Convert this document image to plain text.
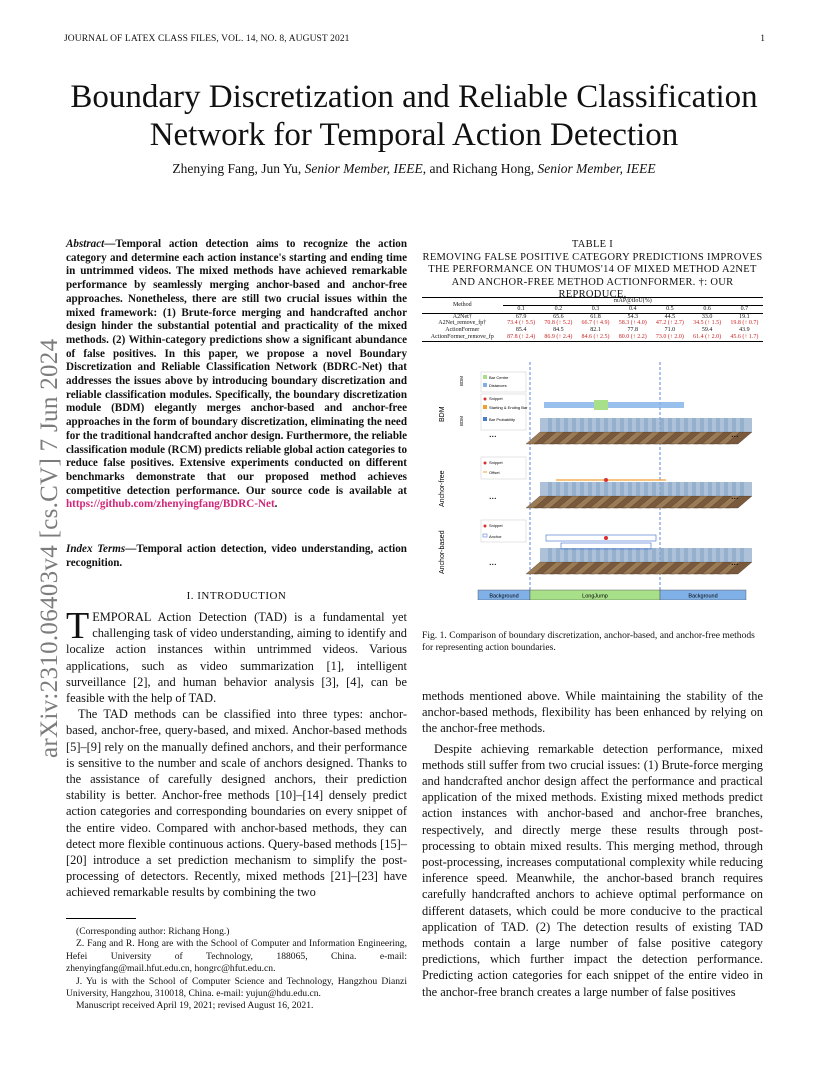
JOURNAL OF LATEX CLASS FILES, VOL. 14, NO. 8, AUGUST 2021	1
arXiv:2310.06403v4 [cs.CV] 7 Jun 2024
Boundary Discretization and Reliable Classification Network for Temporal Action Detection
Zhenying Fang, Jun Yu, Senior Member, IEEE, and Richang Hong, Senior Member, IEEE
Abstract—Temporal action detection aims to recognize the action category and determine each action instance's starting and ending time in untrimmed videos. The mixed methods have achieved remarkable performance by seamlessly merging anchor-based and anchor-free approaches. Nonetheless, there are still two crucial issues within the mixed framework: (1) Brute-force merging and handcrafted anchor design hinder the substantial potential and practicality of the mixed methods. (2) Within-category predictions show a significant abundance of false positives. In this paper, we propose a novel Boundary Discretization and Reliable Classification Network (BDRC-Net) that addresses the issues above by introducing boundary discretization and reliable classification modules. Specifically, the boundary discretization module (BDM) elegantly merges anchor-based and anchor-free approaches in the form of boundary discretization, eliminating the need for the traditional handcrafted anchor design. Furthermore, the reliable classification module (RCM) predicts reliable global action categories to reduce false positives. Extensive experiments conducted on different benchmarks demonstrate that our proposed method achieves competitive detection performance. Our source code is available at https://github.com/zhenyingfang/BDRC-Net.
Index Terms—Temporal action detection, video understanding, action recognition.
I. INTRODUCTION

TEMPORAL Action Detection (TAD) is a fundamental yet challenging task of video understanding, aiming to identify and localize action instances within untrimmed videos. Various applications, such as video summarization [1], intelligent surveillance [2], and human behavior analysis [3], [4], can be feasible with the help of TAD.

The TAD methods can be classified into three types: anchor-based, anchor-free, query-based, and mixed. Anchor-based methods [5]–[9] rely on the manually defined anchors, and their performance is sensitive to the number and scale of anchors designed. Thanks to the assistance of carefully designed anchors, their prediction stability is better. Anchor-free methods [10]–[14] densely predict action categories and corresponding boundaries on every snippet of the entire video. Compared with anchor-based methods, they can detect more flexible continuous actions. Query-based methods [15]–[20] introduce a set prediction mechanism to simplify the post-processing of detectors. Recently, mixed methods [21]–[23] have achieved remarkable results by combining the two

(Corresponding author: Richang Hong.)

Z. Fang and R. Hong are with the School of Computer and Information Engineering, Hefei University of Technology, 188065, China. e-mail: zhenyingfang@mail.hfut.edu.cn, hongrc@hfut.edu.cn.

J. Yu is with the School of Computer Science and Technology, Hangzhou Dianzi University, Hangzhou, 310018, China. e-mail: yujun@hdu.edu.cn.

Manuscript received April 19, 2021; revised August 16, 2021.

TABLE I
REMOVING FALSE POSITIVE CATEGORY PREDICTIONS IMPROVES THE PERFORMANCE ON THUMOS'14 OF MIXED METHOD A2NET AND ANCHOR-FREE METHOD ACTIONFORMER. †: OUR REPRODUCE.
Method	mAP@tIoU(%)						
	0.1	0.2	0.3	0.4	0.5	0.6	0.7
A2Net†	67.9	65.6	61.8	54.3	44.5	33.0	19.1
A2Net_remove_fp†	73.4 (↑ 5.5)	70.8 (↑ 5.2)	66.7 (↑ 4.9)	58.3 (↑ 4.0)	47.2 (↑ 2.7)	34.5 (↑ 1.5)	19.8 (↑ 0.7)
ActionFormer	85.4	84.5	82.1	77.8	71.0	59.4	43.9
ActionFormer_remove_fp	87.8 (↑ 2.4)	86.9 (↑ 2.4)	84.6 (↑ 2.5)	80.0 (↑ 2.2)	73.0 (↑ 2.0)	61.4 (↑ 2.0)	45.6 (↑ 1.7)
BDM
Anchor-free
Anchor-based
BDM
BDM
Bar Centre
Distances
Snippet
Starting & Ending Bar
Bar Probability
Snippet
Offset
Snippet
Anchor
...	...
...	...
...	...
Background	LongJump	Background
Fig. 1. Comparison of boundary discretization, anchor-based, and anchor-free methods for representing action boundaries.

methods mentioned above. While maintaining the stability of the anchor-based methods, flexibility has been enhanced by relying on the anchor-free methods.

Despite achieving remarkable detection performance, mixed methods still suffer from two crucial issues: (1) Brute-force merging and handcrafted anchor design affect the performance and practical application of the mixed methods. Existing mixed methods predict action instances with anchor-based and anchor-free branches, respectively, and directly merge these results through post-processing to obtain mixed results. This merging method, through post-processing, increases computational complexity while reducing inference speed. Meanwhile, the anchor-based branch requires carefully handcrafted anchors to achieve optimal performance on different datasets, which could be more conducive to the practical application of TAD. (2) The detection results of existing TAD methods contain a large number of false positive category predictions, which further impact the detection performance. Predicting action categories for each snippet of the entire video in the anchor-free branch creates a large number of false positives
